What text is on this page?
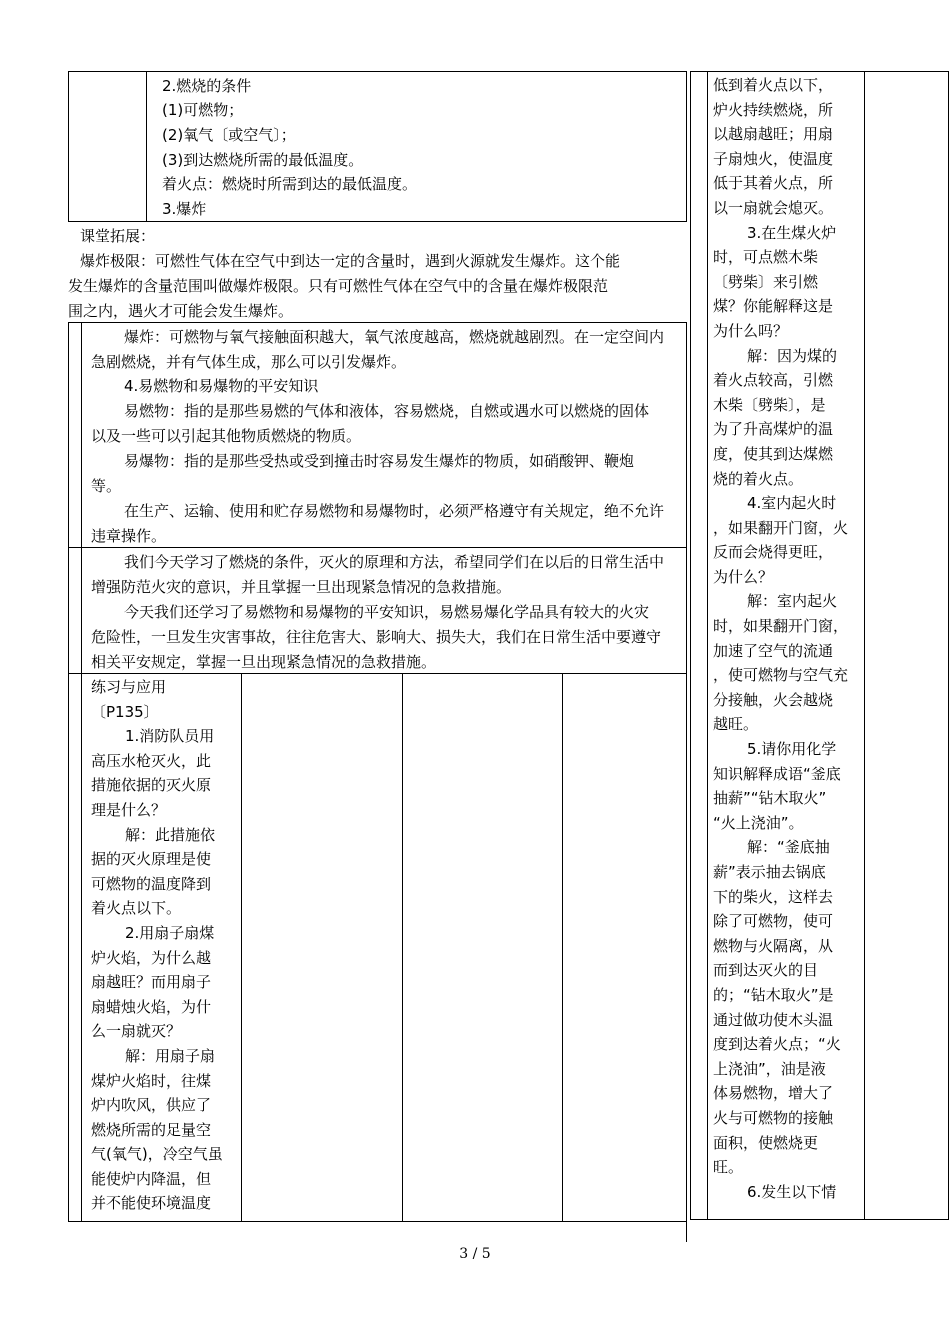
2.燃烧的条件
(1)可燃物；
(2)氧气〔或空气〕；
(3)到达燃烧所需的最低温度。
着火点：燃烧时所需到达的最低温度。
3.爆炸
课堂拓展：
爆炸极限：可燃性气体在空气中到达一定的含量时，遇到火源就发生爆炸。这个能
发生爆炸的含量范围叫做爆炸极限。只有可燃性气体在空气中的含量在爆炸极限范
围之内，遇火才可能会发生爆炸。
爆炸：可燃物与氧气接触面积越大，氧气浓度越高，燃烧就越剧烈。在一定空间内
急剧燃烧，并有气体生成，那么可以引发爆炸。
4.易燃物和易爆物的平安知识
易燃物：指的是那些易燃的气体和液体，容易燃烧，自燃或遇水可以燃烧的固体
以及一些可以引起其他物质燃烧的物质。
易爆物：指的是那些受热或受到撞击时容易发生爆炸的物质，如硝酸钾、鞭炮
等。
在生产、运输、使用和贮存易燃物和易爆物时，必须严格遵守有关规定，绝不允许
违章操作。
我们今天学习了燃烧的条件，灭火的原理和方法，希望同学们在以后的日常生活中
增强防范火灾的意识，并且掌握一旦出现紧急情况的急救措施。
今天我们还学习了易燃物和易爆物的平安知识，易燃易爆化学品具有较大的火灾
危险性，一旦发生灾害事故，往往危害大、影响大、损失大，我们在日常生活中要遵守
相关平安规定，掌握一旦出现紧急情况的急救措施。
练习与应用
〔P135〕
1.消防队员用
高压水枪灭火，此
措施依据的灭火原
理是什么？
解：此措施依
据的灭火原理是使
可燃物的温度降到
着火点以下。
2.用扇子扇煤
炉火焰，为什么越
扇越旺？而用扇子
扇蜡烛火焰，为什
么一扇就灭？
解：用扇子扇
煤炉火焰时，往煤
炉内吹风，供应了
燃烧所需的足量空
气(氧气)，冷空气虽
能使炉内降温，但
并不能使环境温度
低到着火点以下，
炉火持续燃烧，所
以越扇越旺；用扇
子扇烛火，使温度
低于其着火点，所
以一扇就会熄灭。
3.在生煤火炉
时，可点燃木柴
〔劈柴〕来引燃
煤？你能解释这是
为什么吗？
解：因为煤的
着火点较高，引燃
木柴〔劈柴〕，是
为了升高煤炉的温
度，使其到达煤燃
烧的着火点。
4.室内起火时
，如果翻开门窗，火
反而会烧得更旺，
为什么？
解：室内起火
时，如果翻开门窗，
加速了空气的流通
，使可燃物与空气充
分接触，火会越烧
越旺。
5.请你用化学
知识解释成语“釜底
抽薪”“钻木取火”
“火上浇油”。
解：“釜底抽
薪”表示抽去锅底
下的柴火，这样去
除了可燃物，使可
燃物与火隔离，从
而到达灭火的目
的；“钻木取火”是
通过做功使木头温
度到达着火点；“火
上浇油”，油是液
体易燃物，增大了
火与可燃物的接触
面积，使燃烧更
旺。
6.发生以下情
3 / 5
